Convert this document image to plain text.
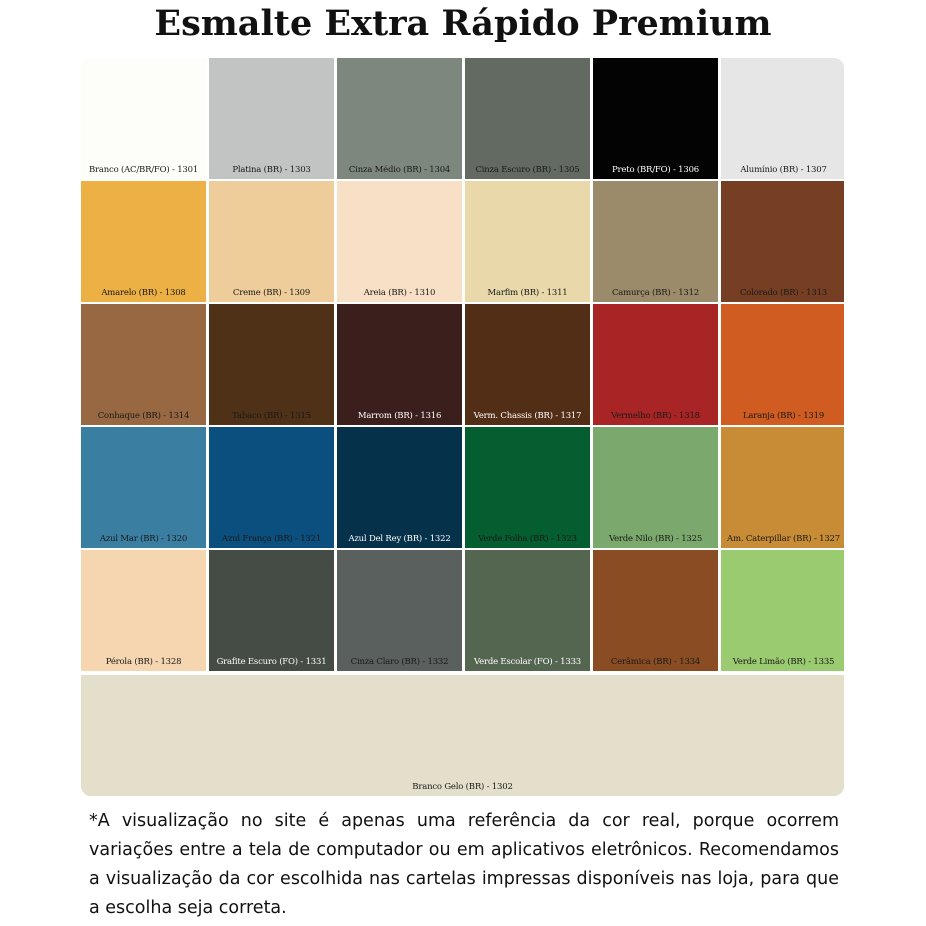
Esmalte Extra Rápido Premium
Branco (AC/BR/FO) - 1301	Platina (BR) - 1303	Cinza Médio (BR) - 1304	Cinza Escuro (BR) - 1305	Preto (BR/FO) - 1306	Alumínio (BR) - 1307
Amarelo (BR) - 1308	Creme (BR) - 1309	Areia (BR) - 1310	Marfim (BR) - 1311	Camurça (BR) - 1312	Colorado (BR) - 1313
Conhaque (BR) - 1314	Tabaco (BR) - 1315	Marrom (BR) - 1316	Verm. Chassis (BR) - 1317	Vermelho (BR) - 1318	Laranja (BR) - 1319
Azul Mar (BR) - 1320	Azul França (BR) - 1321	Azul Del Rey (BR) - 1322	Verde Folha (BR) - 1323	Verde Nilo (BR) - 1325	Am. Caterpillar (BR) - 1327
Pérola (BR) - 1328	Grafite Escuro (FO) - 1331	Cinza Claro (BR) - 1332	Verde Escolar (FO) - 1333	Cerâmica (BR) - 1334	Verde Limão (BR) - 1335
Branco Gelo (BR) - 1302

*A visualização no site é apenas uma referência da cor real, porque ocorrem variações entre a tela de computador ou em aplicativos eletrônicos. Recomendamos a visualização da cor escolhida nas cartelas impressas disponíveis nas loja, para que a escolha seja correta.
